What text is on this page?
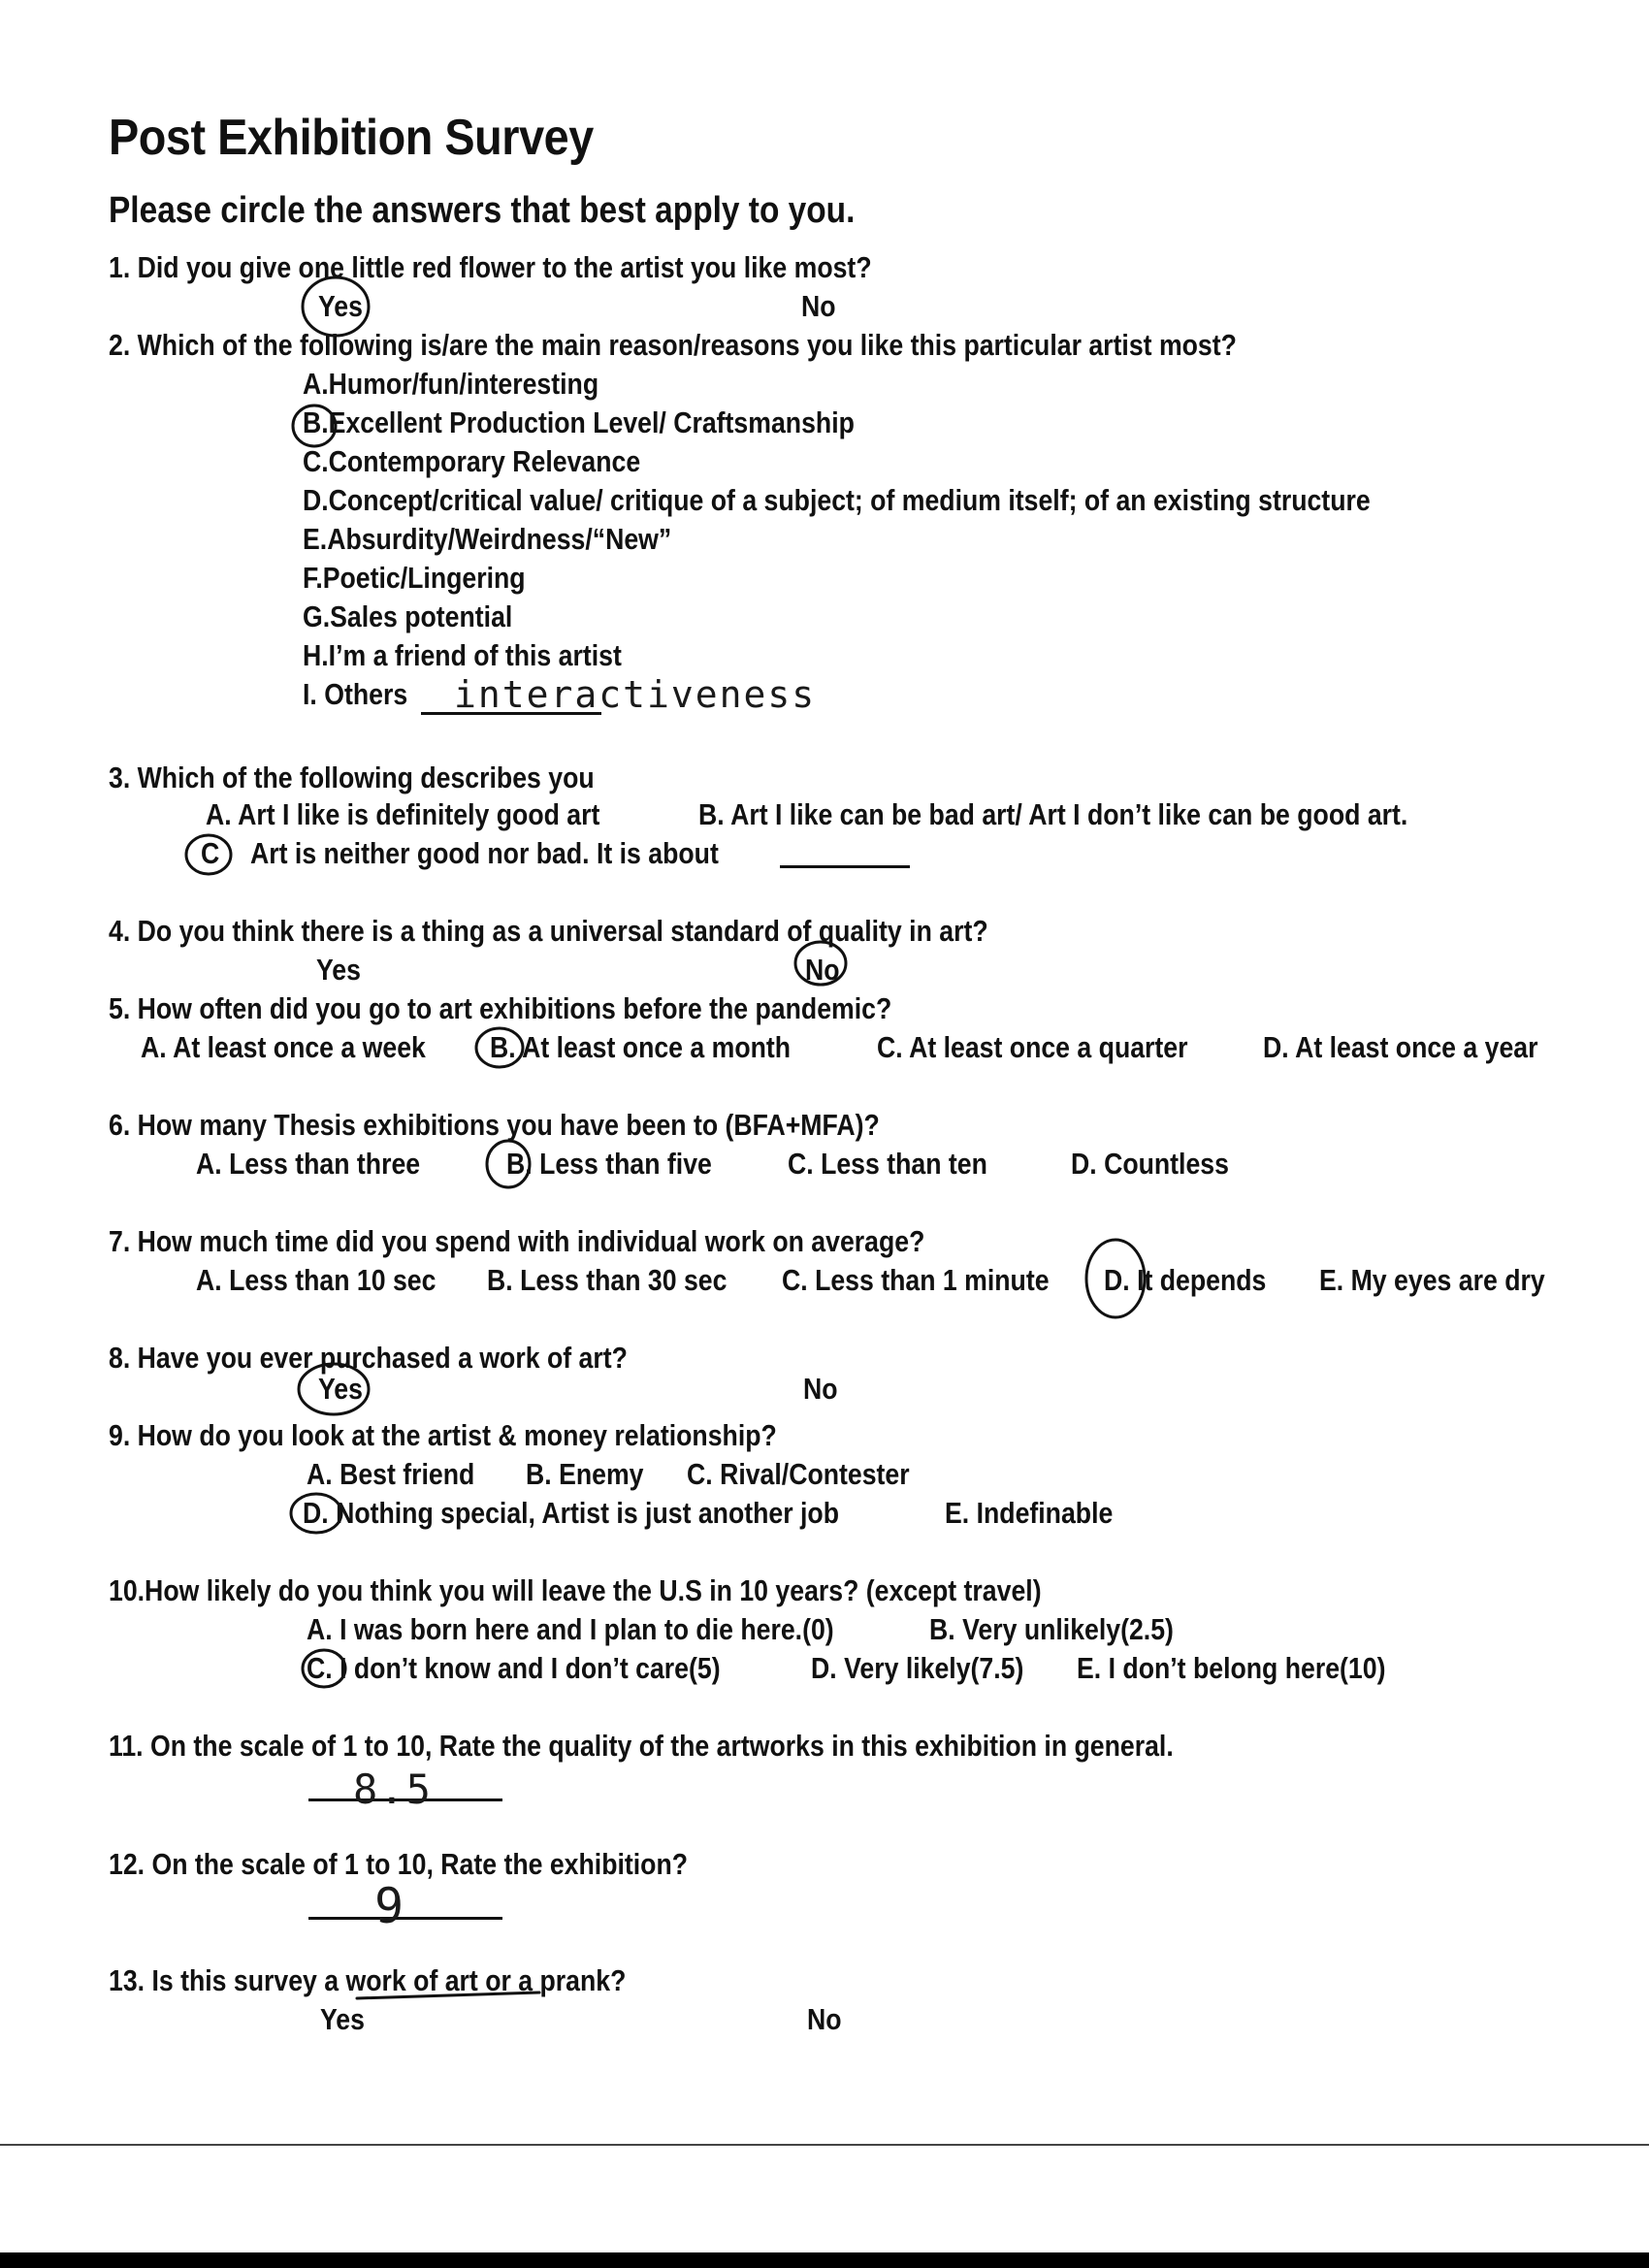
Post Exhibition Survey
Please circle the answers that best apply to you.
1. Did you give one little red flower to the artist you like most?
Yes	No
2. Which of the following is/are the main reason/reasons you like this particular artist most?
A.Humor/fun/interesting
B.Excellent Production Level/ Craftsmanship
C.Contemporary Relevance
D.Concept/critical value/ critique of a subject; of medium itself; of an existing structure
E.Absurdity/Weirdness/“New”
F.Poetic/Lingering
G.Sales potential
H.I’m a friend of this artist
I. Others interactiveness
3. Which of the following describes you
A. Art I like is definitely good art	B. Art I like can be bad art/ Art I don’t like can be good art.
C Art is neither good nor bad. It is about
4. Do you think there is a thing as a universal standard of quality in art?
Yes	No
5. How often did you go to art exhibitions before the pandemic?
A. At least once a week B. At least once a month	C. At least once a quarter D. At least once a year
6. How many Thesis exhibitions you have been to (BFA+MFA)?
A. Less than three	B. Less than five	C. Less than ten	D. Countless
7. How much time did you spend with individual work on average?
A. Less than 10 sec B. Less than 30 sec C. Less than 1 minute D. It depends E. My eyes are dry
8. Have you ever purchased a work of art?
Yes	No
9. How do you look at the artist & money relationship?
A. Best friend B. Enemy C. Rival/Contester
D. Nothing special, Artist is just another job	E. Indefinable
10.How likely do you think you will leave the U.S in 10 years? (except travel)
A. I was born here and I plan to die here.(0)	B. Very unlikely(2.5)
C. I don’t know and I don’t care(5)	D. Very likely(7.5) E. I don’t belong here(10)
11. On the scale of 1 to 10, Rate the quality of the artworks in this exhibition in general.
8.5
12. On the scale of 1 to 10, Rate the exhibition?
9
13. Is this survey a work of art or a prank?
Yes	No
